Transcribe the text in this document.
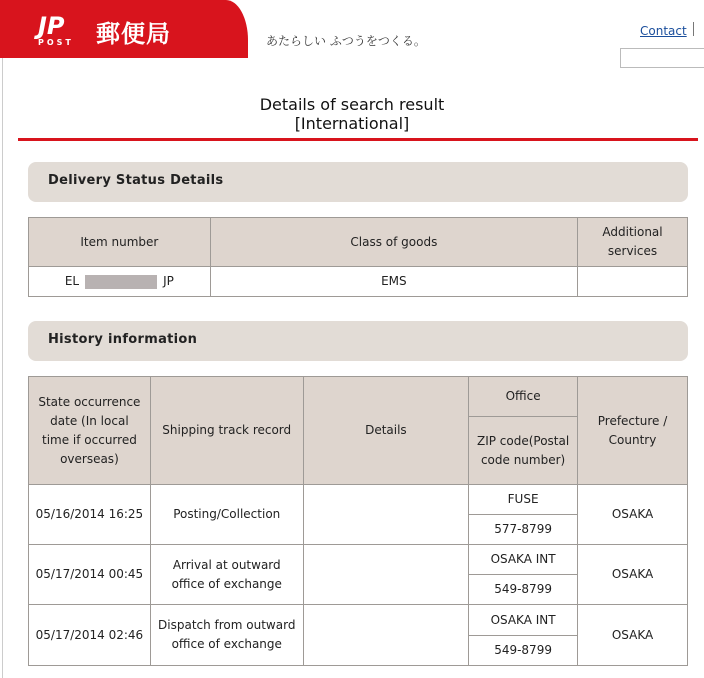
JP
POST 郵便局	あたらしい ふつうをつくる。
Contact
Details of search result
[International]
Delivery Status Details
Item number	Class of goods	Additional services
EL JP	EMS	
History information
State occurrence date (In local time if occurred overseas)	Shipping track record	Details	Office	Prefecture / Country
			ZIP code(Postal code number)	
05/16/2014 16:25	Posting/Collection		FUSE	OSAKA
			577-8799	
05/17/2014 00:45	Arrival at outward office of exchange		OSAKA INT	OSAKA
			549-8799	
05/17/2014 02:46	Dispatch from outward office of exchange		OSAKA INT	OSAKA
			549-8799	
